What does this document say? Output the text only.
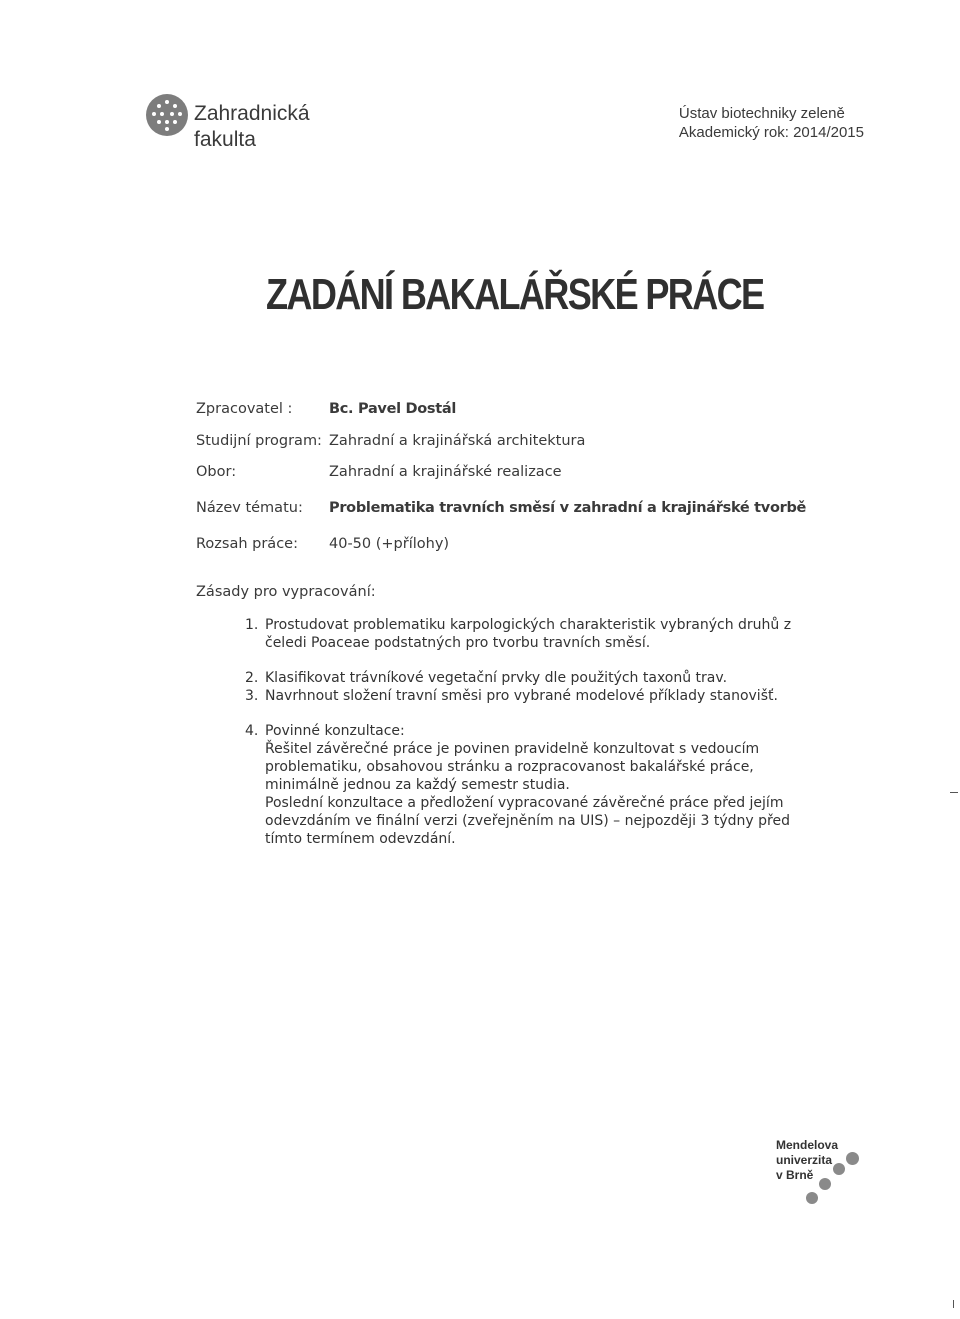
Zahradnická
fakulta
Ústav biotechniky zeleně
Akademický rok: 2014/2015
ZADÁNÍ BAKALÁŘSKÉ PRÁCE
Zpracovatel :	Bc. Pavel Dostál
Studijní program: Zahradní a krajinářská architektura
Obor:	Zahradní a krajinářské realizace
Název tématu: Problematika travních směsí v zahradní a krajinářské tvorbě
Rozsah práce: 40-50 (+přílohy)
Zásady pro vypracování:
1. Prostudovat problematiku karpologických charakteristik vybraných druhů z čeledi Poaceae podstatných pro tvorbu travních směsí.
2. Klasifikovat trávníkové vegetační prvky dle použitých taxonů trav.
3. Navrhnout složení travní směsi pro vybrané modelové příklady stanovišť.
4. Povinné konzultace:
Řešitel závěrečné práce je povinen pravidelně konzultovat s vedoucím problematiku, obsahovou stránku a rozpracovanost bakalářské práce, minimálně jednou za každý semestr studia.
Poslední konzultace a předložení vypracované závěrečné práce před jejím odevzdáním ve finální verzi (zveřejněním na UIS) – nejpozději 3 týdny před tímto termínem odevzdání.
Mendelova
univerzita
v Brně
